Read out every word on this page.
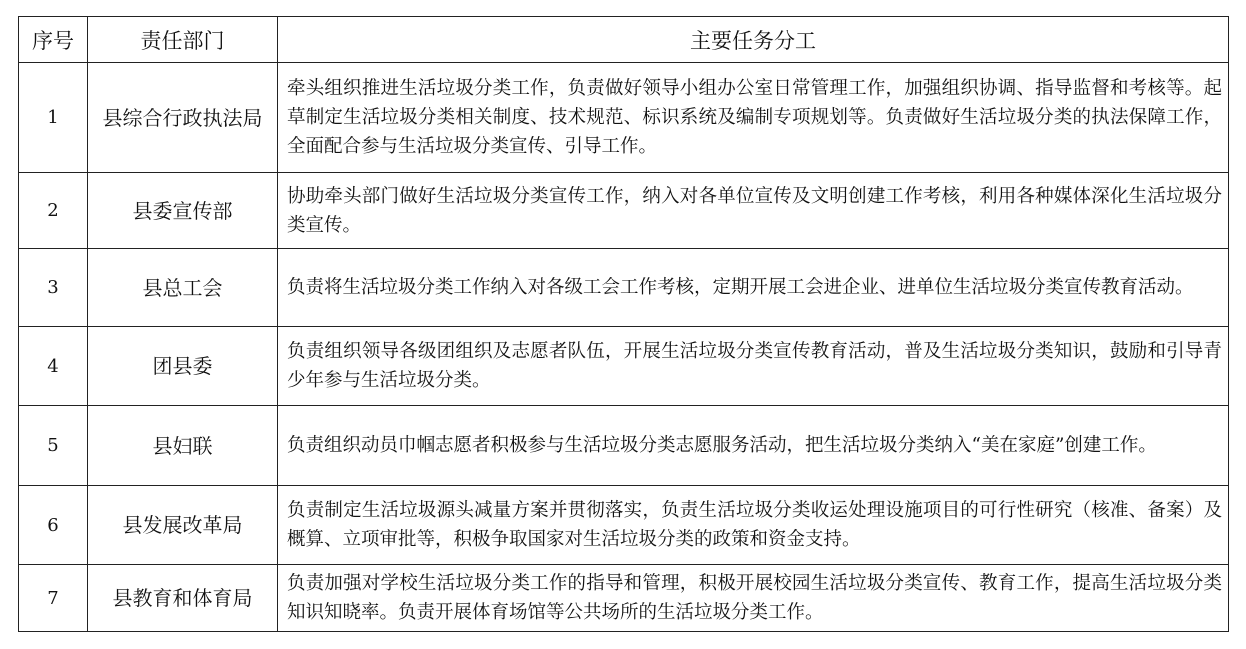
序号	责任部门	主要任务分工
1	县综合行政执法局	牵头组织推进生活垃圾分类工作，负责做好领导小组办公室日常管理工作，加强组织协调、指导监督和考核等。起草制定生活垃圾分类相关制度、技术规范、标识系统及编制专项规划等。负责做好生活垃圾分类的执法保障工作，全面配合参与生活垃圾分类宣传、引导工作。
2	县委宣传部	协助牵头部门做好生活垃圾分类宣传工作，纳入对各单位宣传及文明创建工作考核，利用各种媒体深化生活垃圾分类宣传。
3	县总工会	负责将生活垃圾分类工作纳入对各级工会工作考核，定期开展工会进企业、进单位生活垃圾分类宣传教育活动。
4	团县委	负责组织领导各级团组织及志愿者队伍，开展生活垃圾分类宣传教育活动，普及生活垃圾分类知识，鼓励和引导青少年参与生活垃圾分类。
5	县妇联	负责组织动员巾帼志愿者积极参与生活垃圾分类志愿服务活动，把生活垃圾分类纳入“美在家庭”创建工作。
6	县发展改革局	负责制定生活垃圾源头减量方案并贯彻落实，负责生活垃圾分类收运处理设施项目的可行性研究（核准、备案）及概算、立项审批等，积极争取国家对生活垃圾分类的政策和资金支持。
7	县教育和体育局	负责加强对学校生活垃圾分类工作的指导和管理，积极开展校园生活垃圾分类宣传、教育工作，提高生活垃圾分类知识知晓率。负责开展体育场馆等公共场所的生活垃圾分类工作。
